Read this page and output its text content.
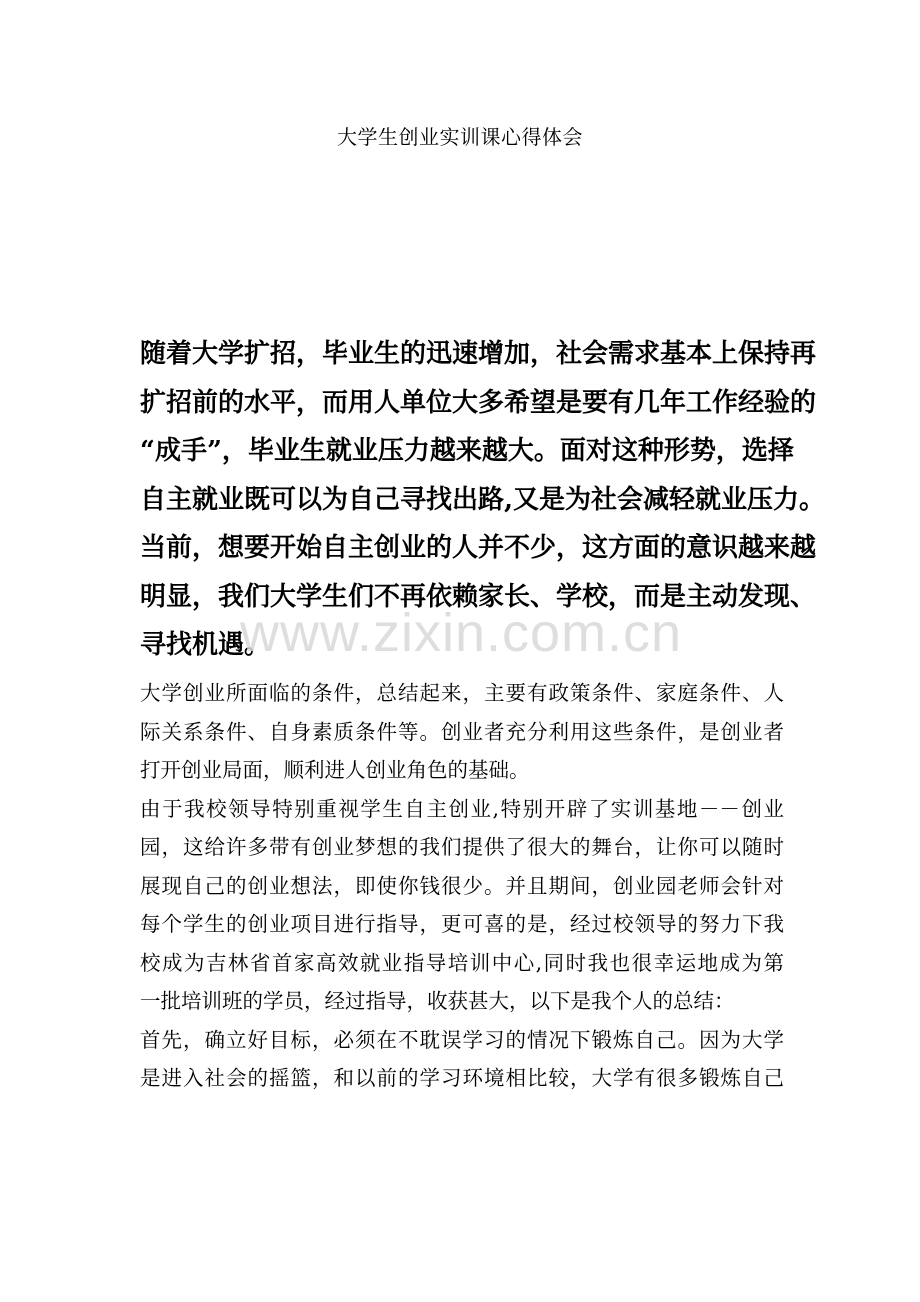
大学生创业实训课心得体会
随着大学扩招，毕业生的迅速增加，社会需求基本上保持再
扩招前的水平，而用人单位大多希望是要有几年工作经验的
“成手”，毕业生就业压力越来越大。面对这种形势，选择
自主就业既可以为自己寻找出路,又是为社会减轻就业压力。
当前，想要开始自主创业的人并不少，这方面的意识越来越
明显，我们大学生们不再依赖家长、学校，而是主动发现、
寻找机遇。
www.zixin.com.cn

大学创业所面临的条件，总结起来，主要有政策条件、家庭条件、人
际关系条件、自身素质条件等。创业者充分利用这些条件，是创业者
打开创业局面，顺利进人创业角色的基础。

由于我校领导特别重视学生自主创业,特别开辟了实训基地－－创业
园，这给许多带有创业梦想的我们提供了很大的舞台，让你可以随时
展现自己的创业想法，即使你钱很少。并且期间，创业园老师会针对
每个学生的创业项目进行指导，更可喜的是，经过校领导的努力下我
校成为吉林省首家高效就业指导培训中心,同时我也很幸运地成为第
一批培训班的学员，经过指导，收获甚大，以下是我个人的总结：

首先，确立好目标，必须在不耽误学习的情况下锻炼自己。因为大学
是进入社会的摇篮，和以前的学习环境相比较，大学有很多锻炼自己
